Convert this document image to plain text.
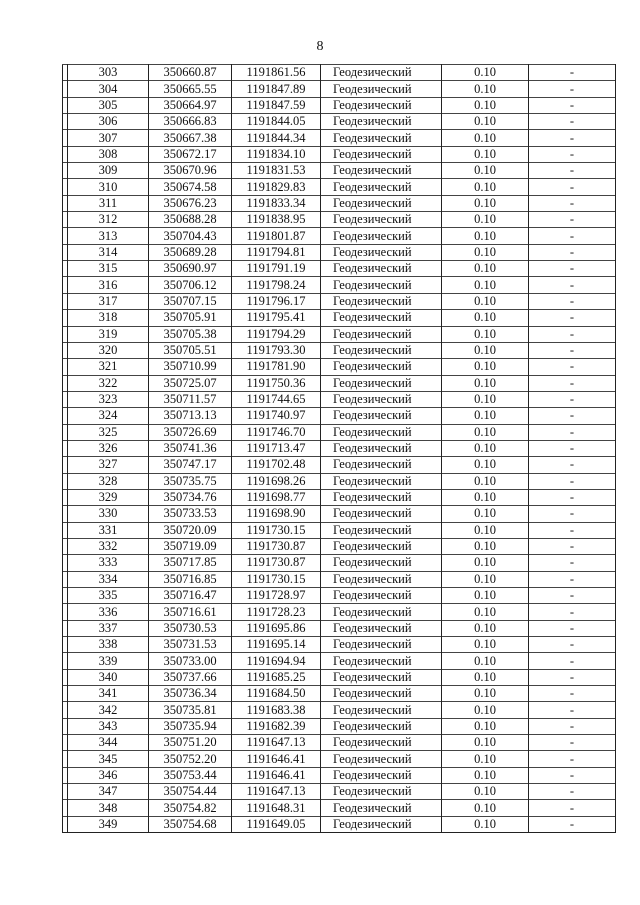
8
	303	350660.87	1191861.56	Геодезический	0.10	-
	304	350665.55	1191847.89	Геодезический	0.10	-
	305	350664.97	1191847.59	Геодезический	0.10	-
	306	350666.83	1191844.05	Геодезический	0.10	-
	307	350667.38	1191844.34	Геодезический	0.10	-
	308	350672.17	1191834.10	Геодезический	0.10	-
	309	350670.96	1191831.53	Геодезический	0.10	-
	310	350674.58	1191829.83	Геодезический	0.10	-
	311	350676.23	1191833.34	Геодезический	0.10	-
	312	350688.28	1191838.95	Геодезический	0.10	-
	313	350704.43	1191801.87	Геодезический	0.10	-
	314	350689.28	1191794.81	Геодезический	0.10	-
	315	350690.97	1191791.19	Геодезический	0.10	-
	316	350706.12	1191798.24	Геодезический	0.10	-
	317	350707.15	1191796.17	Геодезический	0.10	-
	318	350705.91	1191795.41	Геодезический	0.10	-
	319	350705.38	1191794.29	Геодезический	0.10	-
	320	350705.51	1191793.30	Геодезический	0.10	-
	321	350710.99	1191781.90	Геодезический	0.10	-
	322	350725.07	1191750.36	Геодезический	0.10	-
	323	350711.57	1191744.65	Геодезический	0.10	-
	324	350713.13	1191740.97	Геодезический	0.10	-
	325	350726.69	1191746.70	Геодезический	0.10	-
	326	350741.36	1191713.47	Геодезический	0.10	-
	327	350747.17	1191702.48	Геодезический	0.10	-
	328	350735.75	1191698.26	Геодезический	0.10	-
	329	350734.76	1191698.77	Геодезический	0.10	-
	330	350733.53	1191698.90	Геодезический	0.10	-
	331	350720.09	1191730.15	Геодезический	0.10	-
	332	350719.09	1191730.87	Геодезический	0.10	-
	333	350717.85	1191730.87	Геодезический	0.10	-
	334	350716.85	1191730.15	Геодезический	0.10	-
	335	350716.47	1191728.97	Геодезический	0.10	-
	336	350716.61	1191728.23	Геодезический	0.10	-
	337	350730.53	1191695.86	Геодезический	0.10	-
	338	350731.53	1191695.14	Геодезический	0.10	-
	339	350733.00	1191694.94	Геодезический	0.10	-
	340	350737.66	1191685.25	Геодезический	0.10	-
	341	350736.34	1191684.50	Геодезический	0.10	-
	342	350735.81	1191683.38	Геодезический	0.10	-
	343	350735.94	1191682.39	Геодезический	0.10	-
	344	350751.20	1191647.13	Геодезический	0.10	-
	345	350752.20	1191646.41	Геодезический	0.10	-
	346	350753.44	1191646.41	Геодезический	0.10	-
	347	350754.44	1191647.13	Геодезический	0.10	-
	348	350754.82	1191648.31	Геодезический	0.10	-
	349	350754.68	1191649.05	Геодезический	0.10	-
